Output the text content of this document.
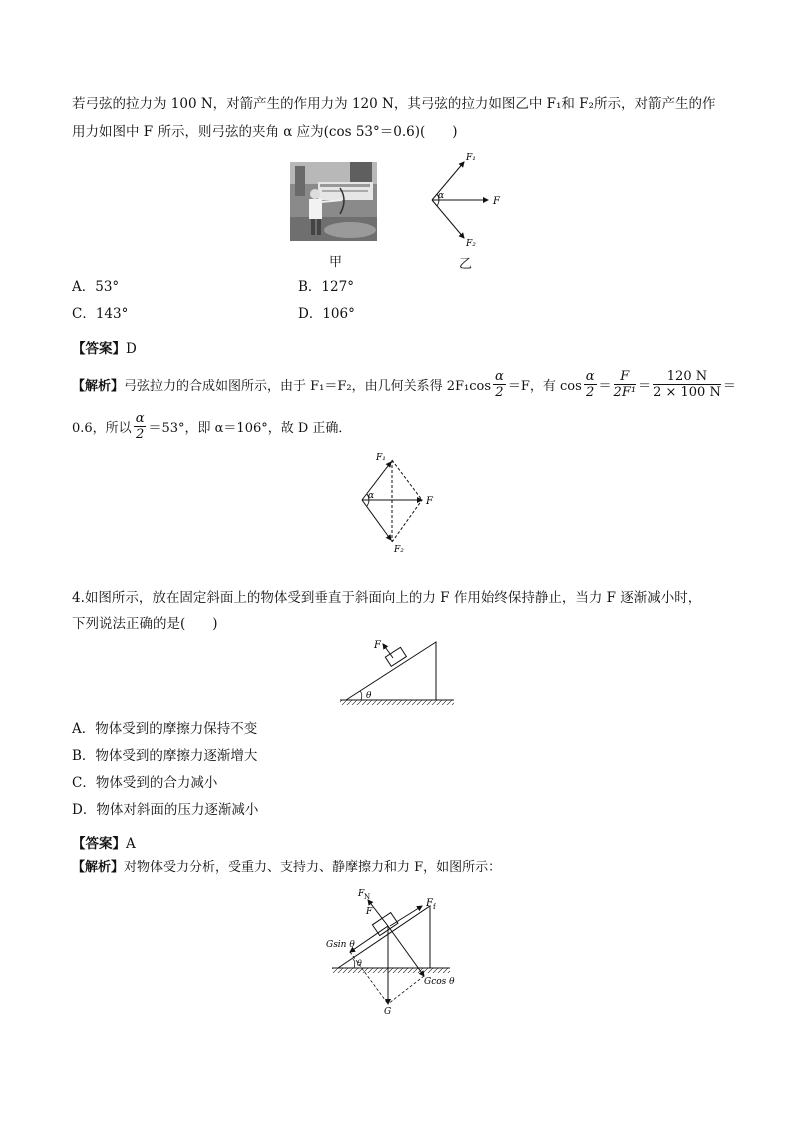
若弓弦的拉力为 100 N，对箭产生的作用力为 120 N，其弓弦的拉力如图乙中 F₁和 F₂所示，对箭产生的作
用力如图中 F 所示，则弓弦的夹角 α 应为(cos 53°＝0.6)(　　)
甲
F₁
F₂
F
α
乙
A．53°	B．127°
C．143°	D．106°
【答案】D
【解析】 弓弦拉力的合成如图所示，由于 F₁＝F₂，由几何关系得 $2F_1\cos \frac{\alpha}{2} =F$，有 $\cos \frac{\alpha}{2} = \frac{F}{\text{2F¹}} = \frac{120 N}{2 \times 100 N}$ ＝
0.6，所以 $\frac{\alpha}{2} =53^\circ$，即 α＝106°，故 D 正确．
F₁
F₂
F
α
4.如图所示，放在固定斜面上的物体受到垂直于斜面向上的力 F 作用始终保持静止，当力 F 逐渐减小时，
下列说法正确的是(　　)
F
θ
A．物体受到的摩擦力保持不变
B．物体受到的摩擦力逐渐增大
C．物体受到的合力减小
D．物体对斜面的压力逐渐减小
【答案】A
【解析】对物体受力分析，受重力、支持力、静摩擦力和力 F，如图所示：
F N
F
F f
Gsin θ
Gcos θ
θ
G
